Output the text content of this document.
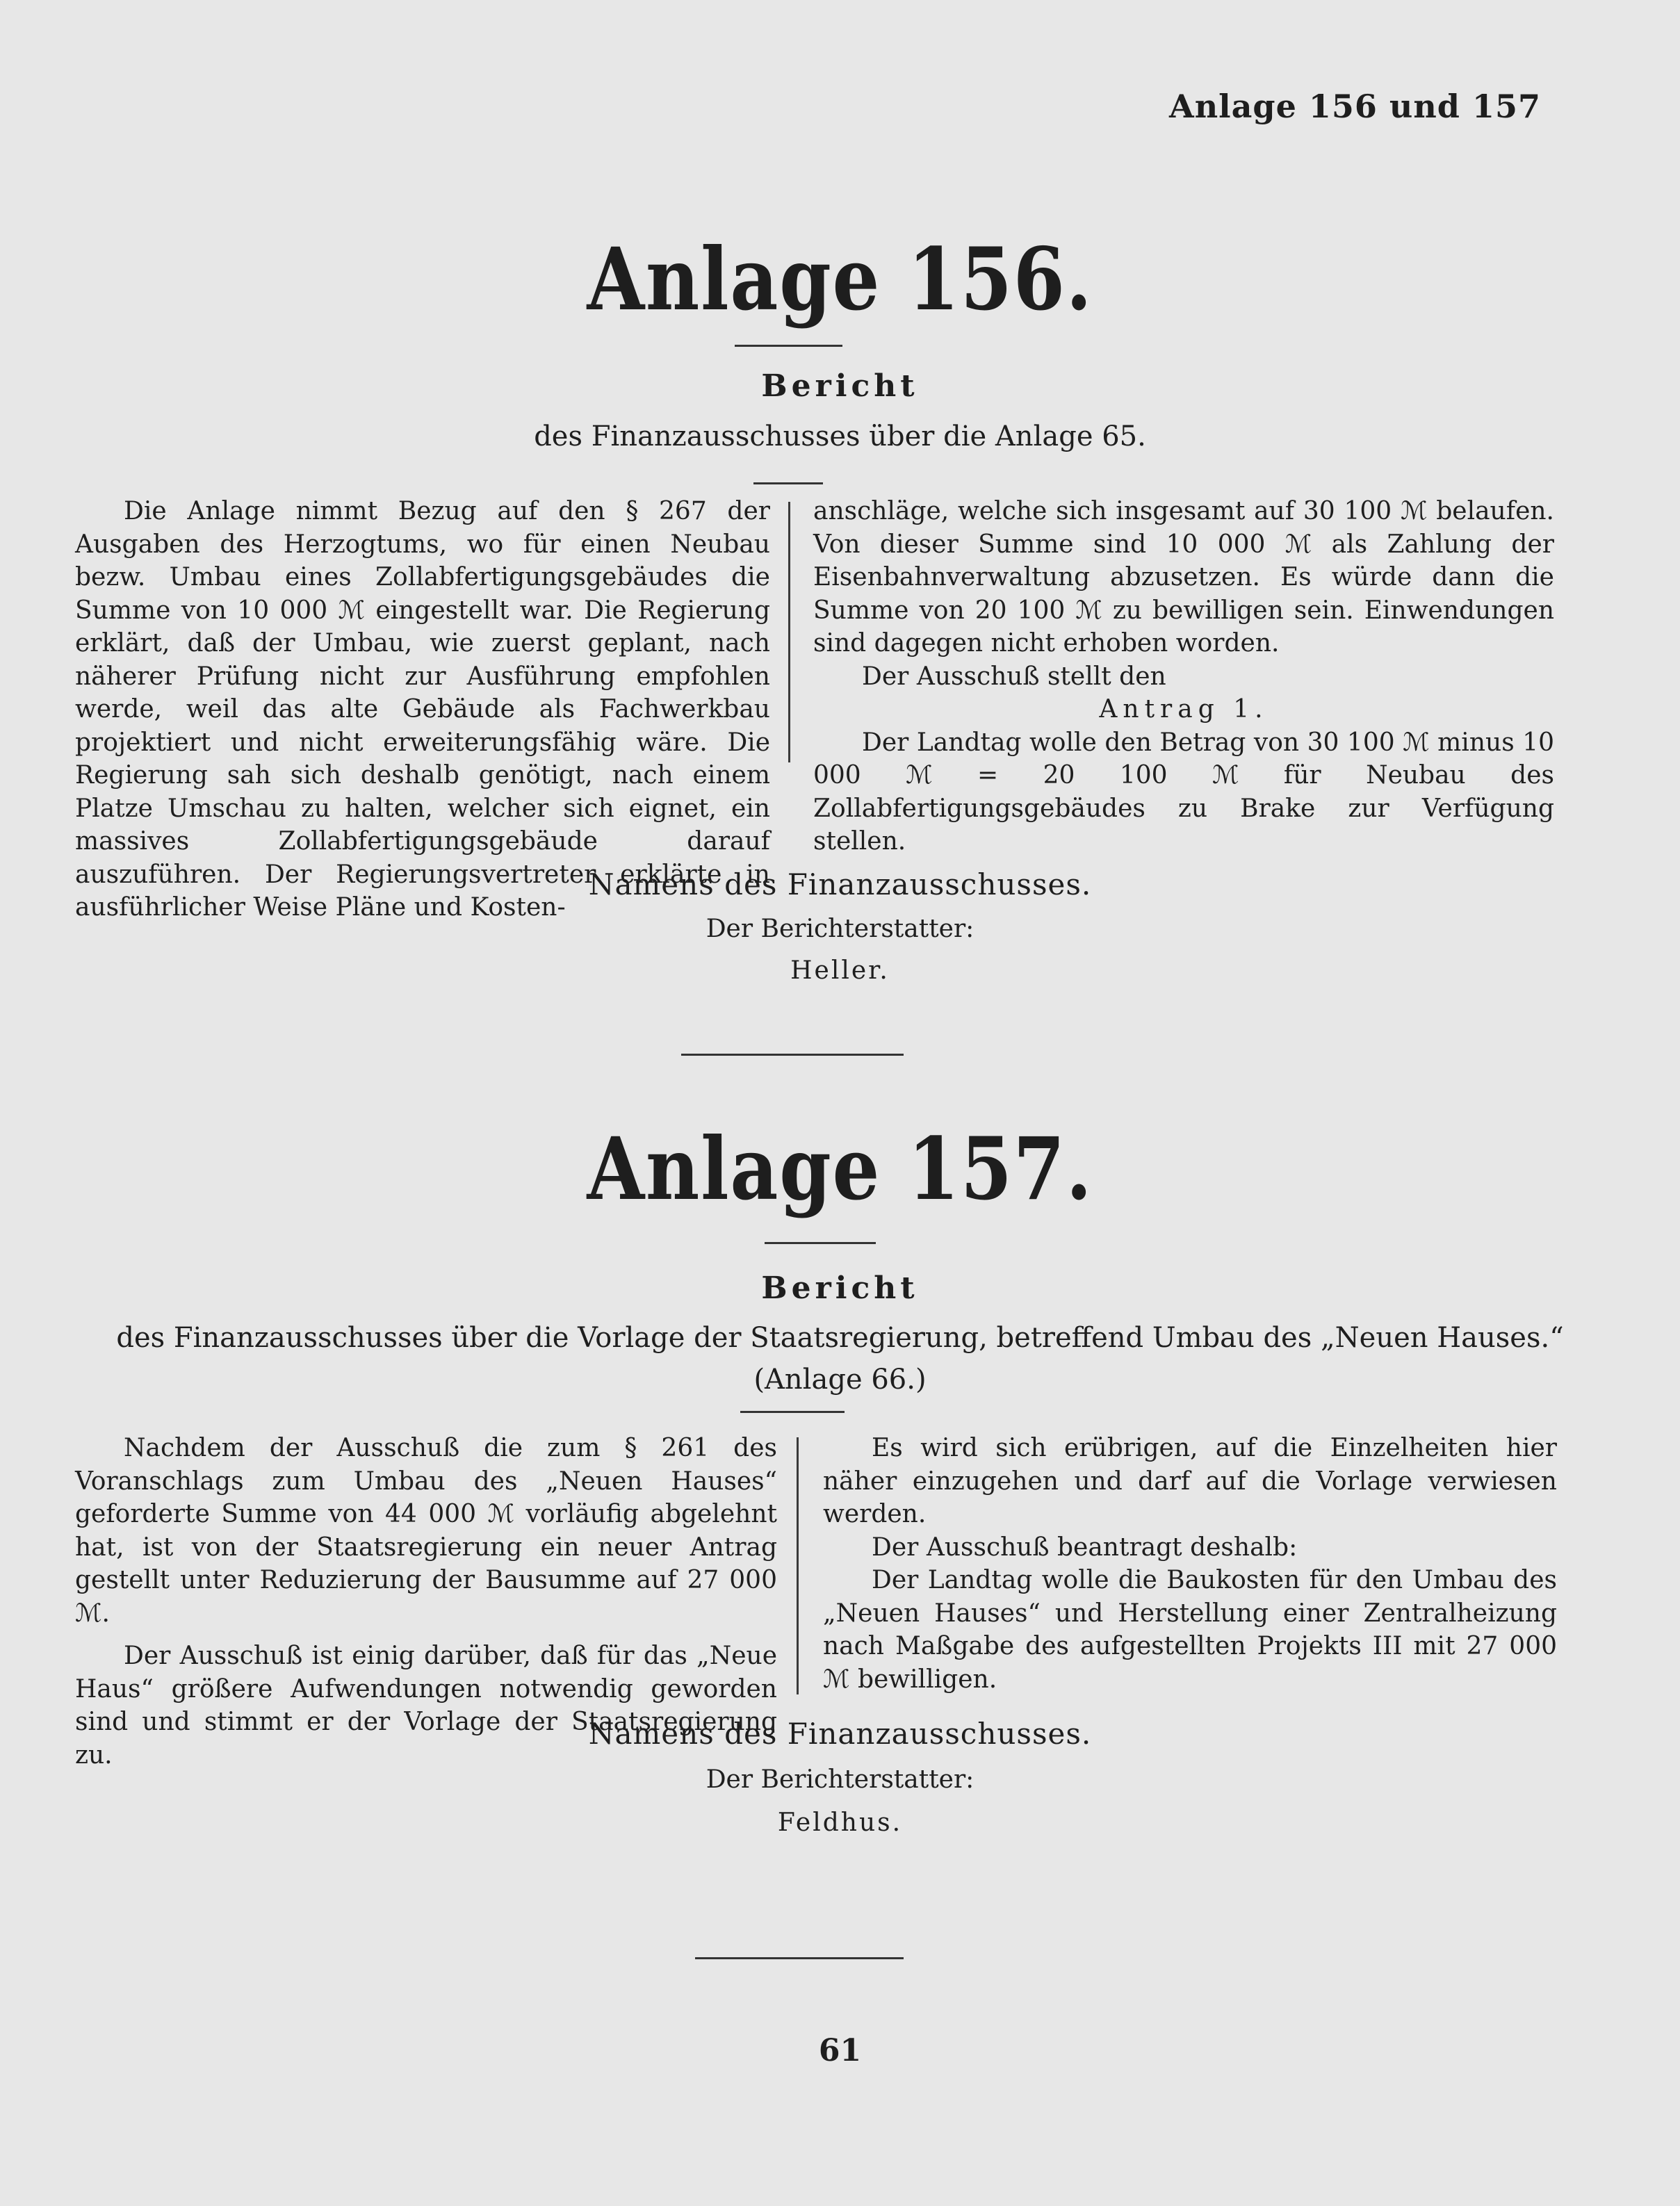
Anlage 156 und 157
Anlage 156.
Bericht
des Finanzausschusses über die Anlage 65.

Die Anlage nimmt Bezug auf den § 267 der Ausgaben des Herzogtums, wo für einen Neubau bezw. Umbau eines Zollabfertigungsgebäudes die Summe von 10 000 ℳ eingestellt war. Die Regierung erklärt, daß der Umbau, wie zuerst geplant, nach näherer Prüfung nicht zur Ausführung empfohlen werde, weil das alte Gebäude als Fachwerkbau projektiert und nicht erweiterungsfähig wäre. Die Regierung sah sich deshalb genötigt, nach einem Platze Umschau zu halten, welcher sich eignet, ein massives Zollabfertigungsgebäude darauf auszuführen. Der Regierungsvertreter erklärte in ausführlicher Weise Pläne und Kosten-

anschläge, welche sich insgesamt auf 30 100 ℳ belaufen. Von dieser Summe sind 10 000 ℳ als Zahlung der Eisenbahnverwaltung abzusetzen. Es würde dann die Summe von 20 100 ℳ zu bewilligen sein. Einwendungen sind dagegen nicht erhoben worden.

Der Ausschuß stellt den

Antrag 1.

Der Landtag wolle den Betrag von 30 100 ℳ minus 10 000 ℳ = 20 100 ℳ für Neubau des Zollabfertigungsgebäudes zu Brake zur Verfügung stellen.

Namens des Finanzausschusses.
Der Berichterstatter:
Heller.
Anlage 157.
Bericht
des Finanzausschusses über die Vorlage der Staatsregierung, betreffend Umbau des „Neuen Hauses.“
(Anlage 66.)

Nachdem der Ausschuß die zum § 261 des Voranschlags zum Umbau des „Neuen Hauses“ geforderte Summe von 44 000 ℳ vorläufig abgelehnt hat, ist von der Staatsregierung ein neuer Antrag gestellt unter Reduzierung der Bausumme auf 27 000 ℳ.

Der Ausschuß ist einig darüber, daß für das „Neue Haus“ größere Aufwendungen notwendig geworden sind und stimmt er der Vorlage der Staatsregierung zu.

Es wird sich erübrigen, auf die Einzelheiten hier näher einzugehen und darf auf die Vorlage verwiesen werden.

Der Ausschuß beantragt deshalb:

Der Landtag wolle die Baukosten für den Umbau des „Neuen Hauses“ und Herstellung einer Zentralheizung nach Maßgabe des aufgestellten Projekts III mit 27 000 ℳ bewilligen.

Namens des Finanzausschusses.
Der Berichterstatter:
Feldhus.
61
